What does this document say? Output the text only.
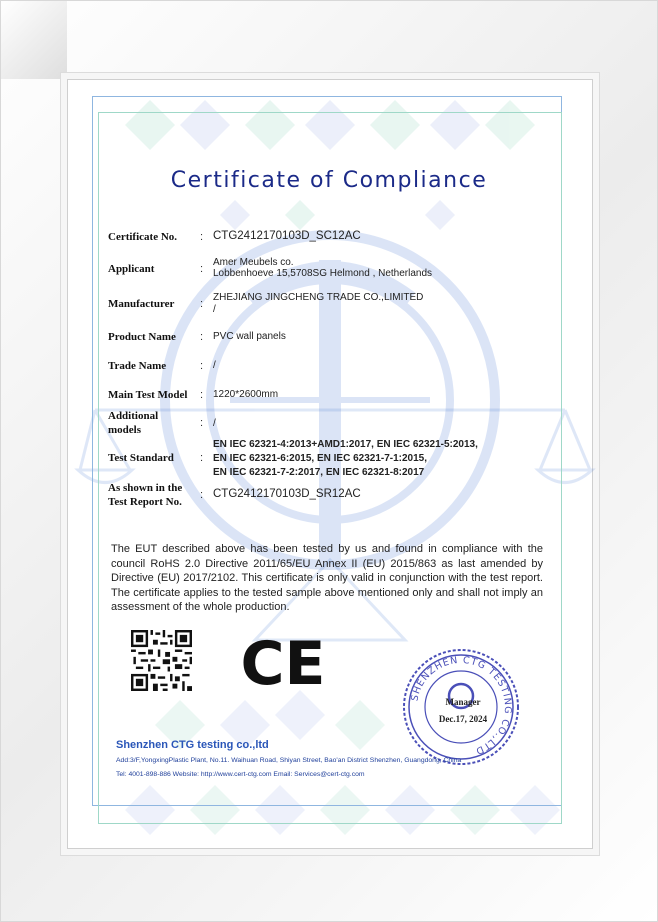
Certificate of Compliance
Certificate No.	: CTG2412170103D_SC12AC
Applicant	:
Amer Meubels co.
Lobbenhoeve 15,5708SG Helmond , Netherlands
Manufacturer	:
ZHEJIANG JINGCHENG TRADE CO.,LIMITED
/
Product Name	: PVC wall panels
Trade Name	: /
Main Test Model	: 1220*2600mm
Additional
models
: /
Test Standard	:
EN IEC 62321-4:2013+AMD1:2017, EN IEC 62321-5:2013,
EN IEC 62321-6:2015, EN IEC 62321-7-1:2015,
EN IEC 62321-7-2:2017, EN IEC 62321-8:2017
As shown in the
Test Report No.
: CTG2412170103D_SR12AC
The EUT described above has been tested by us and found in compliance with the council RoHS 2.0 Directive 2011/65/EU Annex II (EU) 2015/863 as last amended by Directive (EU) 2017/2102. This certificate is only valid in conjunction with the test report. The certificate applies to the tested sample above mentioned only and shall not imply an assessment of the whole production.
CE	SHENZHEN CTG TESTING CO.,LTD
Manager
Dec.17, 2024
Shenzhen CTG testing co.,ltd
Add:3/F,YongxingPlastic Plant, No.11. Waihuan Road, Shiyan Street, Bao'an District Shenzhen, Guangdong, China
Tel: 4001-898-886 Website: http://www.cert-ctg.com Email: Services@cert-ctg.com
